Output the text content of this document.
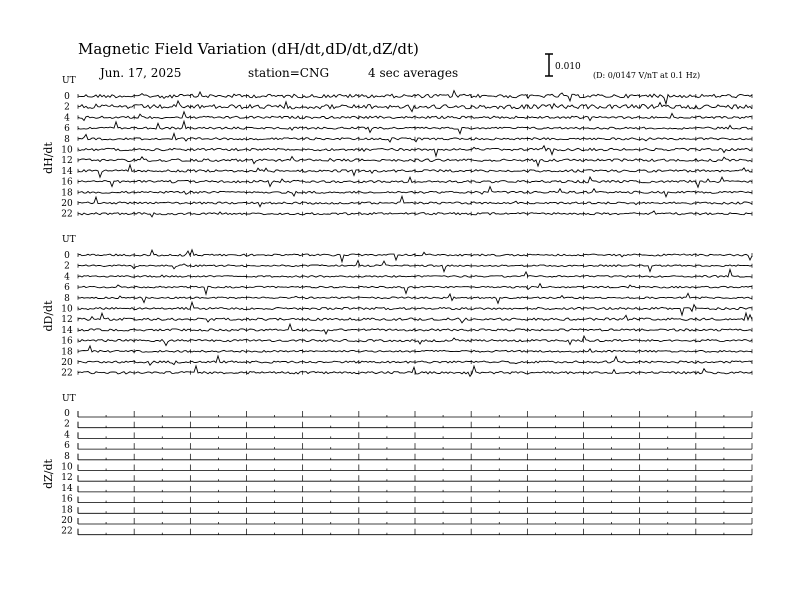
Magnetic Field Variation (dH/dt,dD/dt,dZ/dt)
Jun. 17, 2025	station=CNG	4 sec averages	0.010
(D: 0/0147 V/nT at 0.1 Hz)
UT
dH/dt
0
2
4
6
8
10
12
14
16
18
20
22
UT
dD/dt
0
2
4
6
8
10
12
14
16
18
20
22
UT
dZ/dt
0
2
4
6
8
10
12
14
16
18
20
22
